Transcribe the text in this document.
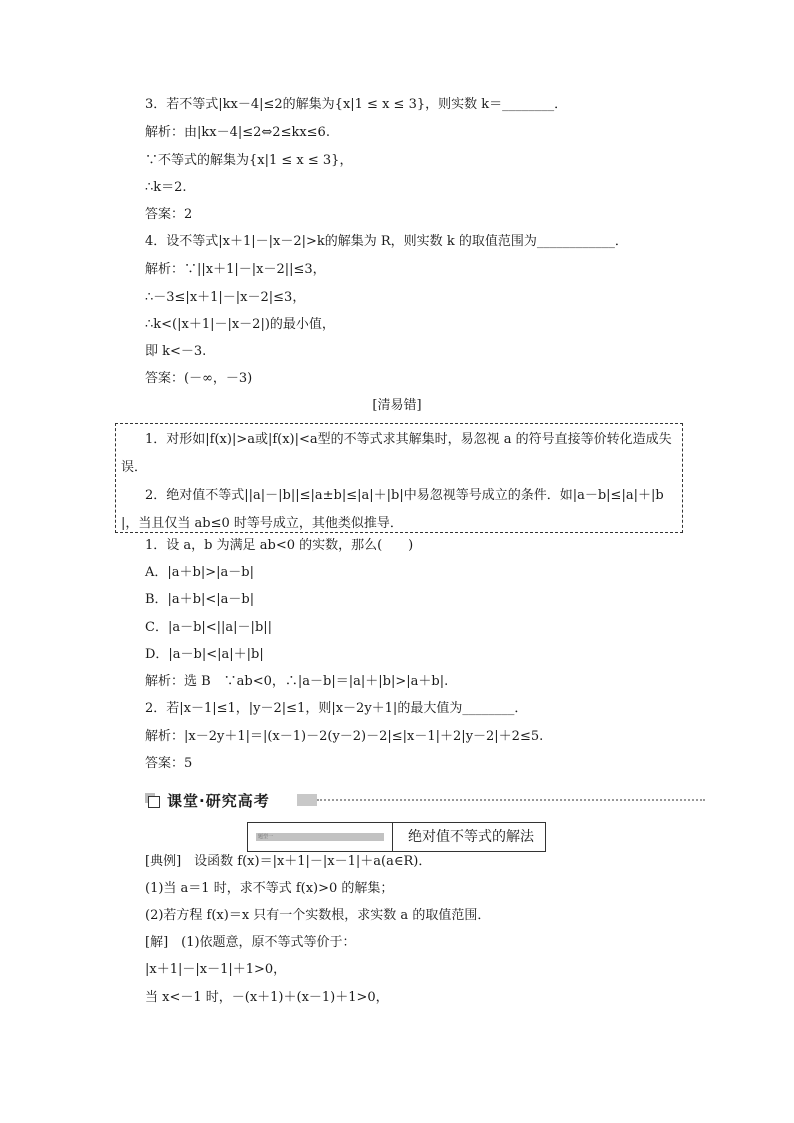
3．若不等式|kx－4|≤2的解集为{x|1 ≤ x ≤ 3}，则实数 k＝________．
解析：由|kx－4|≤2⇔2≤kx≤6.
∵不等式的解集为{x|1 ≤ x ≤ 3}，
∴k＝2.
答案：2
4．设不等式|x＋1|－|x－2|>k的解集为 R，则实数 k 的取值范围为____________．
解析：∵||x＋1|－|x－2||≤3，
∴－3≤|x＋1|－|x－2|≤3，
∴k<(|x＋1|－|x－2|)的最小值，
即 k<－3.
答案：(－∞，－3)
[清易错]

1．对形如|f(x)|>a或|f(x)|<a型的不等式求其解集时，易忽视 a 的符号直接等价转化造成失误．

2．绝对值不等式||a|－|b||≤|a±b|≤|a|＋|b|中易忽视等号成立的条件．如|a－b|≤|a|＋|b|，当且仅当 ab≤0 时等号成立，其他类似推导．

1．设 a，b 为满足 ab<0 的实数，那么(　　)
A．|a＋b|>|a－b|
B．|a＋b|<|a－b|
C．|a－b|<||a|－|b||
D．|a－b|<|a|＋|b|
解析：选 B　∵ab<0，∴|a－b|＝|a|＋|b|>|a＋b|.
2．若|x－1|≤1，|y－2|≤1，则|x－2y＋1|的最大值为________．
解析：|x－2y＋1|＝|(x－1)－2(y－2)－2|≤|x－1|＋2|y－2|＋2≤5.
答案：5
课堂·研究高考
题型一	绝对值不等式的解法
[典例]　设函数 f(x)＝|x＋1|－|x－1|＋a(a∈R)．
(1)当 a＝1 时，求不等式 f(x)>0 的解集；
(2)若方程 f(x)＝x 只有一个实数根，求实数 a 的取值范围．
[解]　(1)依题意，原不等式等价于：
|x＋1|－|x－1|＋1>0，
当 x<－1 时，－(x＋1)＋(x－1)＋1>0，
